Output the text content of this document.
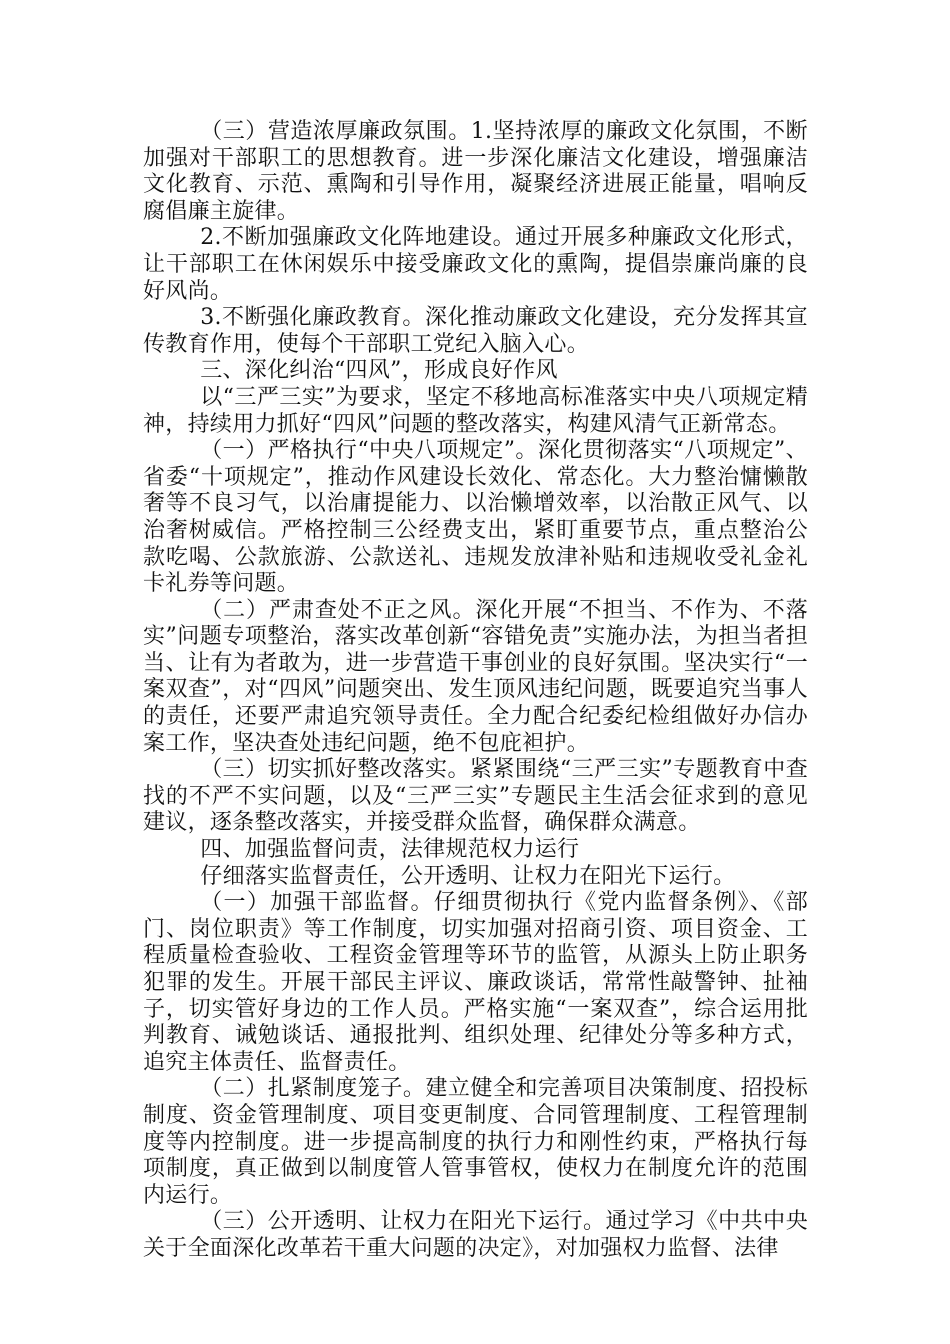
（三）营造浓厚廉政氛围。1.坚持浓厚的廉政文化氛围，不断加强对干部职工的思想教育。进一步深化廉洁文化建设，增强廉洁文化教育、示范、熏陶和引导作用，凝聚经济进展正能量，唱响反腐倡廉主旋律。

2.不断加强廉政文化阵地建设。通过开展多种廉政文化形式，让干部职工在休闲娱乐中接受廉政文化的熏陶，提倡崇廉尚廉的良好风尚。

3.不断强化廉政教育。深化推动廉政文化建设，充分发挥其宣传教育作用，使每个干部职工党纪入脑入心。

三、深化纠治“四风”，形成良好作风

以“三严三实”为要求，坚定不移地高标准落实中央八项规定精神，持续用力抓好“四风”问题的整改落实，构建风清气正新常态。

（一）严格执行“中央八项规定”。深化贯彻落实“八项规定”、省委“十项规定”，推动作风建设长效化、常态化。大力整治慵懒散奢等不良习气，以治庸提能力、以治懒增效率，以治散正风气、以治奢树威信。严格控制三公经费支出，紧盯重要节点，重点整治公款吃喝、公款旅游、公款送礼、违规发放津补贴和违规收受礼金礼卡礼券等问题。

（二）严肃查处不正之风。深化开展“不担当、不作为、不落实”问题专项整治，落实改革创新“容错免责”实施办法，为担当者担当、让有为者敢为，进一步营造干事创业的良好氛围。坚决实行“一案双查”，对“四风”问题突出、发生顶风违纪问题，既要追究当事人的责任，还要严肃追究领导责任。全力配合纪委纪检组做好办信办案工作，坚决查处违纪问题，绝不包庇袒护。

（三）切实抓好整改落实。紧紧围绕“三严三实”专题教育中查找的不严不实问题，以及“三严三实”专题民主生活会征求到的意见建议，逐条整改落实，并接受群众监督，确保群众满意。

四、加强监督问责，法律规范权力运行

仔细落实监督责任，公开透明、让权力在阳光下运行。

（一）加强干部监督。仔细贯彻执行《党内监督条例》、《部门、岗位职责》等工作制度，切实加强对招商引资、项目资金、工程质量检查验收、工程资金管理等环节的监管，从源头上防止职务犯罪的发生。开展干部民主评议、廉政谈话，常常性敲警钟、扯袖子，切实管好身边的工作人员。严格实施“一案双查”，综合运用批判教育、诫勉谈话、通报批判、组织处理、纪律处分等多种方式，追究主体责任、监督责任。

（二）扎紧制度笼子。建立健全和完善项目决策制度、招投标制度、资金管理制度、项目变更制度、合同管理制度、工程管理制度等内控制度。进一步提高制度的执行力和刚性约束，严格执行每项制度，真正做到以制度管人管事管权，使权力在制度允许的范围内运行。

（三）公开透明、让权力在阳光下运行。通过学习《中共中央关于全面深化改革若干重大问题的决定》，对加强权力监督、法律
